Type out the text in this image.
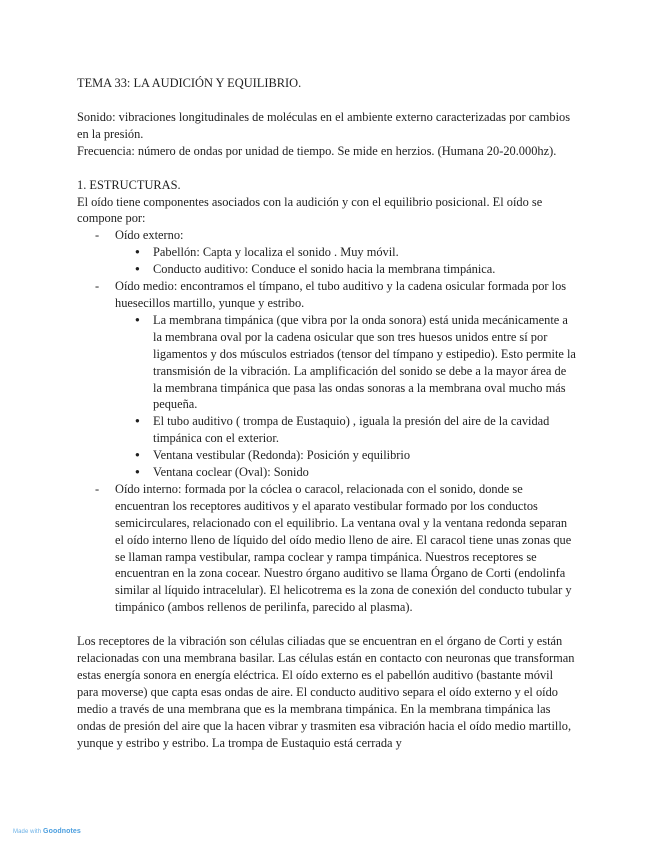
TEMA 33: LA AUDICIÓN Y EQUILIBRIO.

Sonido: vibraciones longitudinales de moléculas en el ambiente externo caracterizadas por cambios en la presión.

Frecuencia: número de ondas por unidad de tiempo. Se mide en herzios. (Humana 20-20.000hz).

1. ESTRUCTURAS.

El oído tiene componentes asociados con la audición y con el equilibrio posicional. El oído se compone por:

- Oído externo:
● Pabellón: Capta y localiza el sonido . Muy móvil.
● Conducto auditivo: Conduce el sonido hacia la membrana timpánica.
- Oído medio: encontramos el tímpano, el tubo auditivo y la cadena osicular formada por los huesecillos martillo, yunque y estribo.
● La membrana timpánica (que vibra por la onda sonora) está unida mecánicamente a la membrana oval por la cadena osicular que son tres huesos unidos entre sí por ligamentos y dos músculos estriados (tensor del tímpano y estipedio). Esto permite la transmisión de la vibración. La amplificación del sonido se debe a la mayor área de la membrana timpánica que pasa las ondas sonoras a la membrana oval mucho más pequeña.
● El tubo auditivo ( trompa de Eustaquio) , iguala la presión del aire de la cavidad timpánica con el exterior.
● Ventana vestibular (Redonda): Posición y equilibrio
● Ventana coclear (Oval): Sonido
- Oído interno: formada por la cóclea o caracol, relacionada con el sonido, donde se encuentran los receptores auditivos y el aparato vestibular formado por los conductos semicirculares, relacionado con el equilibrio. La ventana oval y la ventana redonda separan el oído interno lleno de líquido del oído medio lleno de aire. El caracol tiene unas zonas que se llaman rampa vestibular, rampa coclear y rampa timpánica. Nuestros receptores se encuentran en la zona cocear. Nuestro órgano auditivo se llama Órgano de Corti (endolinfa similar al líquido intracelular). El helicotrema es la zona de conexión del conducto tubular y timpánico (ambos rellenos de perilinfa, parecido al plasma).

Los receptores de la vibración son células ciliadas que se encuentran en el órgano de Corti y están relacionadas con una membrana basilar. Las células están en contacto con neuronas que transforman estas energía sonora en energía eléctrica. El oído externo es el pabellón auditivo (bastante móvil para moverse) que capta esas ondas de aire. El conducto auditivo separa el oído externo y el oído medio a través de una membrana que es la membrana timpánica. En la membrana timpánica las ondas de presión del aire que la hacen vibrar y trasmiten esa vibración hacia el oído medio martillo, yunque y estribo y estribo. La trompa de Eustaquio está cerrada y

Made with Goodnotes
